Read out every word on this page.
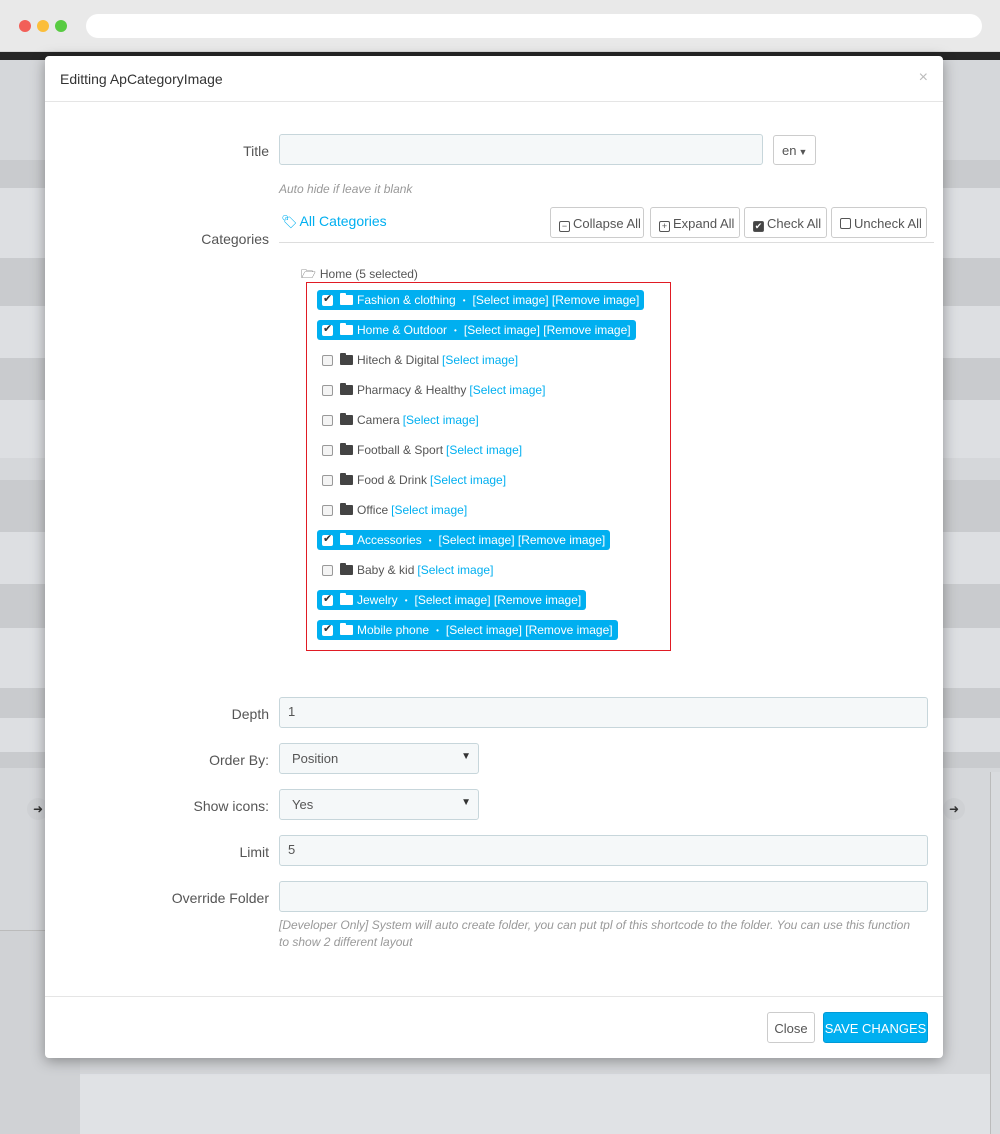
➜	➜
Editting ApCategoryImage	×
Title	en ▼
Auto hide if leave it blank
Categories
🏷 All Categories	− Collapse All	+ Expand All	✔ Check All	Uncheck All
🗁 Home (5 selected)
✔
Fashion & clothing • [Select image] [Remove image]
✔
Home & Outdoor • [Select image] [Remove image]
Hitech & Digital [Select image]
Pharmacy & Healthy [Select image]
Camera [Select image]
Football & Sport [Select image]
Food & Drink [Select image]
Office [Select image]
✔
Accessories • [Select image] [Remove image]
Baby & kid [Select image]
✔
Jewelry • [Select image] [Remove image]
✔
Mobile phone • [Select image] [Remove image]
Depth	1
Order By:	Position	▼
Show icons:	Yes	▼
Limit	5
Override Folder
[Developer Only] System will auto create folder, you can put tpl of this shortcode to the folder. You can use this function to show 2 different layout
Close	SAVE CHANGES
